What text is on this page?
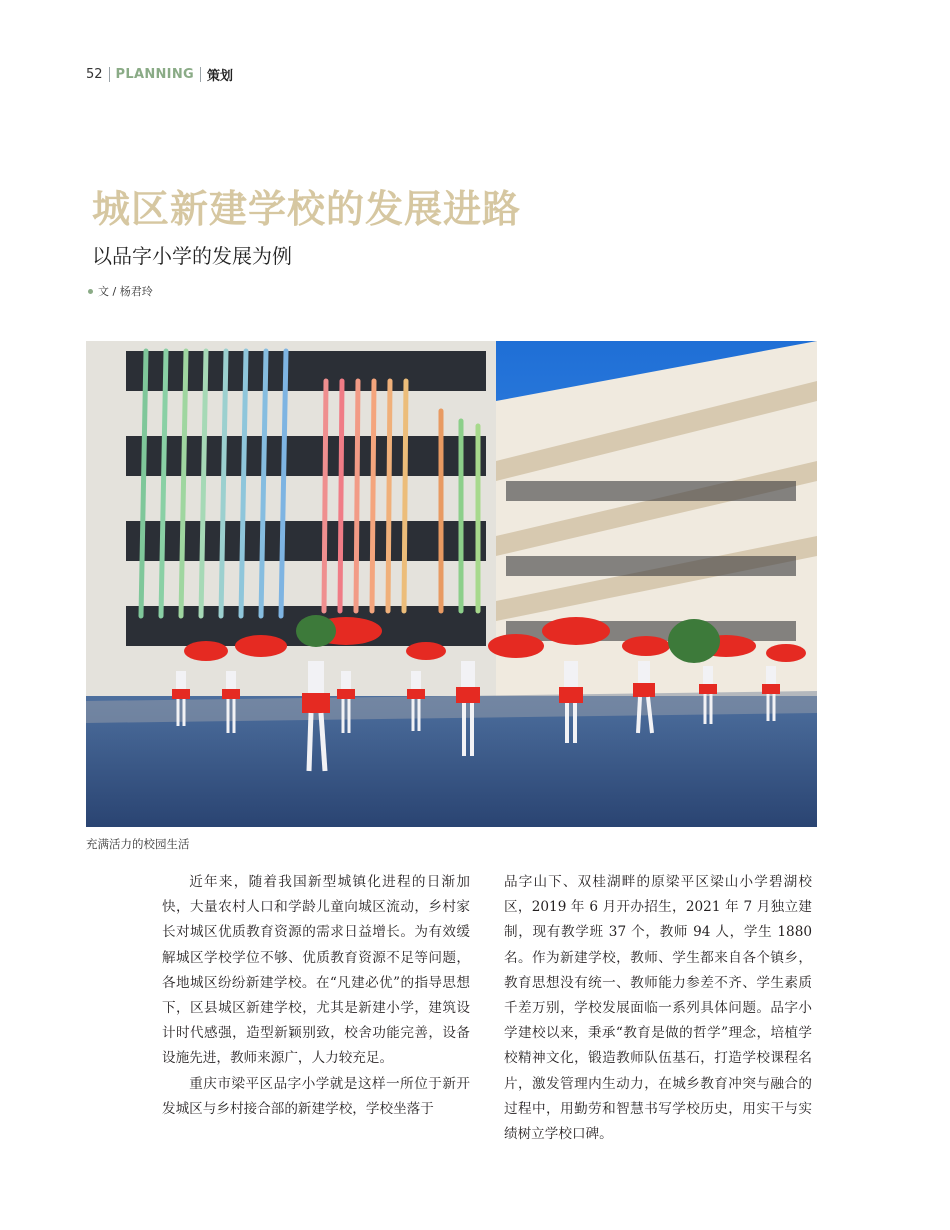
52 PLANNING 策划
城区新建学校的发展进路
以品字小学的发展为例
文 / 杨君玲
充满活力的校园生活

近年来，随着我国新型城镇化进程的日渐加快，大量农村人口和学龄儿童向城区流动，乡村家长对城区优质教育资源的需求日益增长。为有效缓解城区学校学位不够、优质教育资源不足等问题，各地城区纷纷新建学校。在“凡建必优”的指导思想下，区县城区新建学校，尤其是新建小学，建筑设计时代感强，造型新颖别致，校舍功能完善，设备设施先进，教师来源广，人力较充足。

重庆市梁平区品字小学就是这样一所位于新开发城区与乡村接合部的新建学校，学校坐落于

品字山下、双桂湖畔的原梁平区梁山小学碧湖校区，2019 年 6 月开办招生，2021 年 7 月独立建制，现有教学班 37 个，教师 94 人，学生 1880 名。作为新建学校，教师、学生都来自各个镇乡，教育思想没有统一、教师能力参差不齐、学生素质千差万别，学校发展面临一系列具体问题。品字小学建校以来，秉承“教育是做的哲学”理念，培植学校精神文化，锻造教师队伍基石，打造学校课程名片，激发管理内生动力，在城乡教育冲突与融合的过程中，用勤劳和智慧书写学校历史，用实干与实绩树立学校口碑。
